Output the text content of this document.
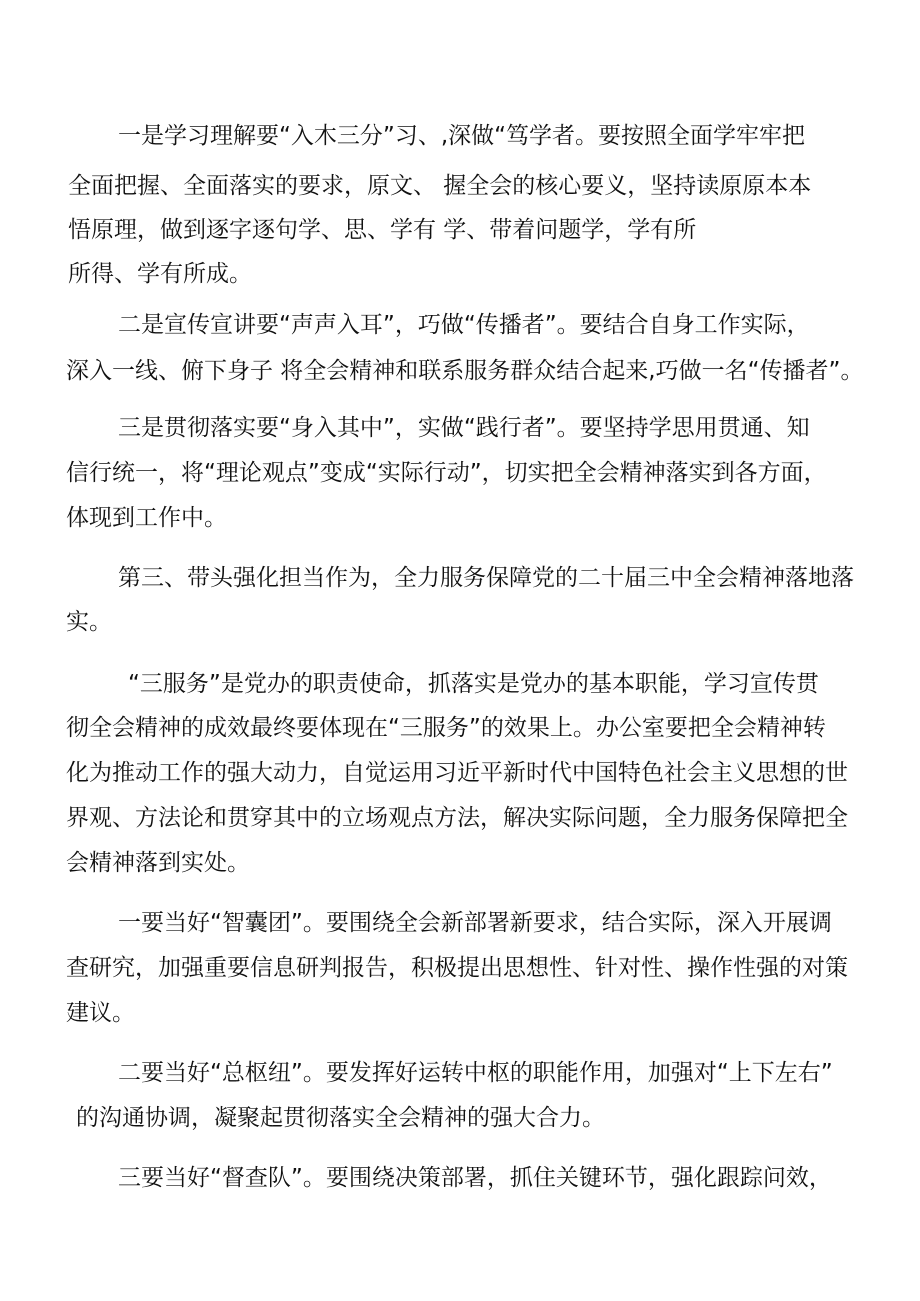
一是学习理解要“入木三分”习、,深做“笃学者。要按照全面学牢牢把
全面把握、全面落实的要求，原文、 握全会的核心要义，坚持读原原本本
悟原理，做到逐字逐句学、思、学有 学、带着问题学，学有所
所得、学有所成。
二是宣传宣讲要“声声入耳”，巧做“传播者”。要结合自身工作实际，
深入一线、俯下身子 将全会精神和联系服务群众结合起来,巧做一名“传播者”。
三是贯彻落实要“身入其中”，实做“践行者”。要坚持学思用贯通、知
信行统一，将“理论观点”变成“实际行动”，切实把全会精神落实到各方面，
体现到工作中。
第三、带头强化担当作为，全力服务保障党的二十届三中全会精神落地落
实。
“三服务”是党办的职责使命，抓落实是党办的基本职能，学习宣传贯
彻全会精神的成效最终要体现在“三服务”的效果上。办公室要把全会精神转
化为推动工作的强大动力，自觉运用习近平新时代中国特色社会主义思想的世
界观、方法论和贯穿其中的立场观点方法，解决实际问题，全力服务保障把全
会精神落到实处。
一要当好“智囊团”。要围绕全会新部署新要求，结合实际，深入开展调
查研究，加强重要信息研判报告，积极提出思想性、针对性、操作性强的对策
建议。
二要当好“总枢纽”。要发挥好运转中枢的职能作用，加强对“上下左右”
的沟通协调，凝聚起贯彻落实全会精神的强大合力。
三要当好“督查队”。要围绕决策部署，抓住关键环节，强化跟踪问效，
